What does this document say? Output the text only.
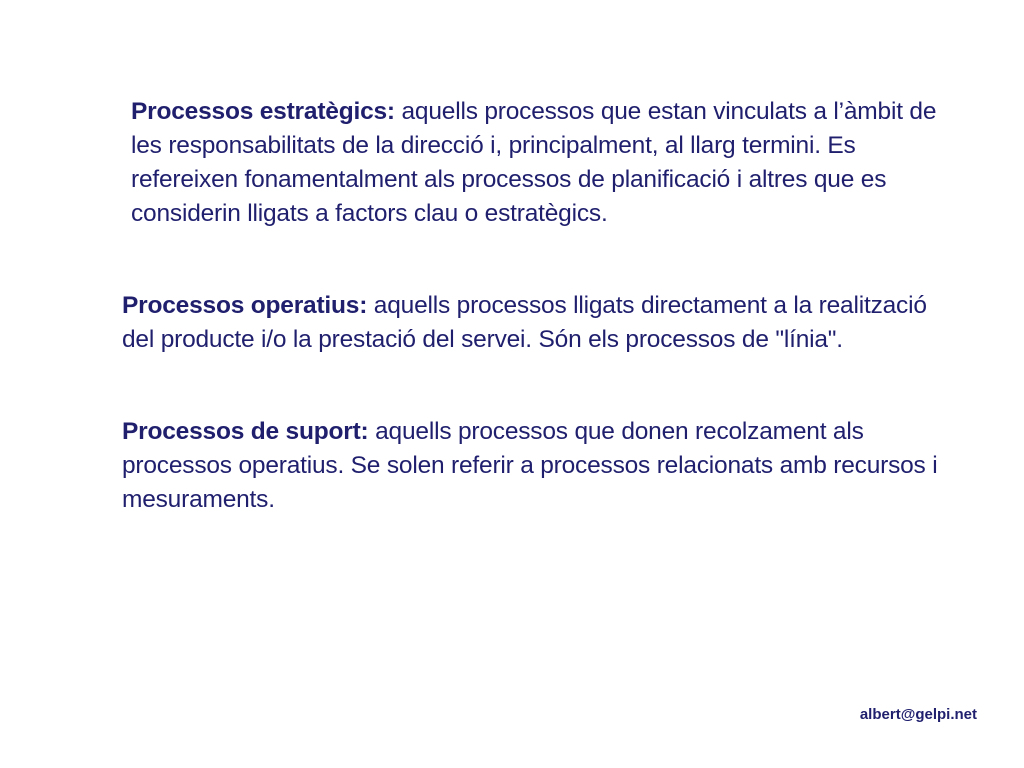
Processos estratègics: aquells processos que estan vinculats a l’àmbit de les responsabilitats de la direcció i, principalment, al llarg termini. Es refereixen fonamentalment als processos de planificació i altres que es considerin lligats a factors clau o estratègics.

Processos operatius: aquells processos lligats directament a la realització del producte i/o la prestació del servei. Són els processos de "línia".

Processos de suport: aquells processos que donen recolzament als processos operatius. Se solen referir a processos relacionats amb recursos i mesuraments.

albert@gelpi.net
